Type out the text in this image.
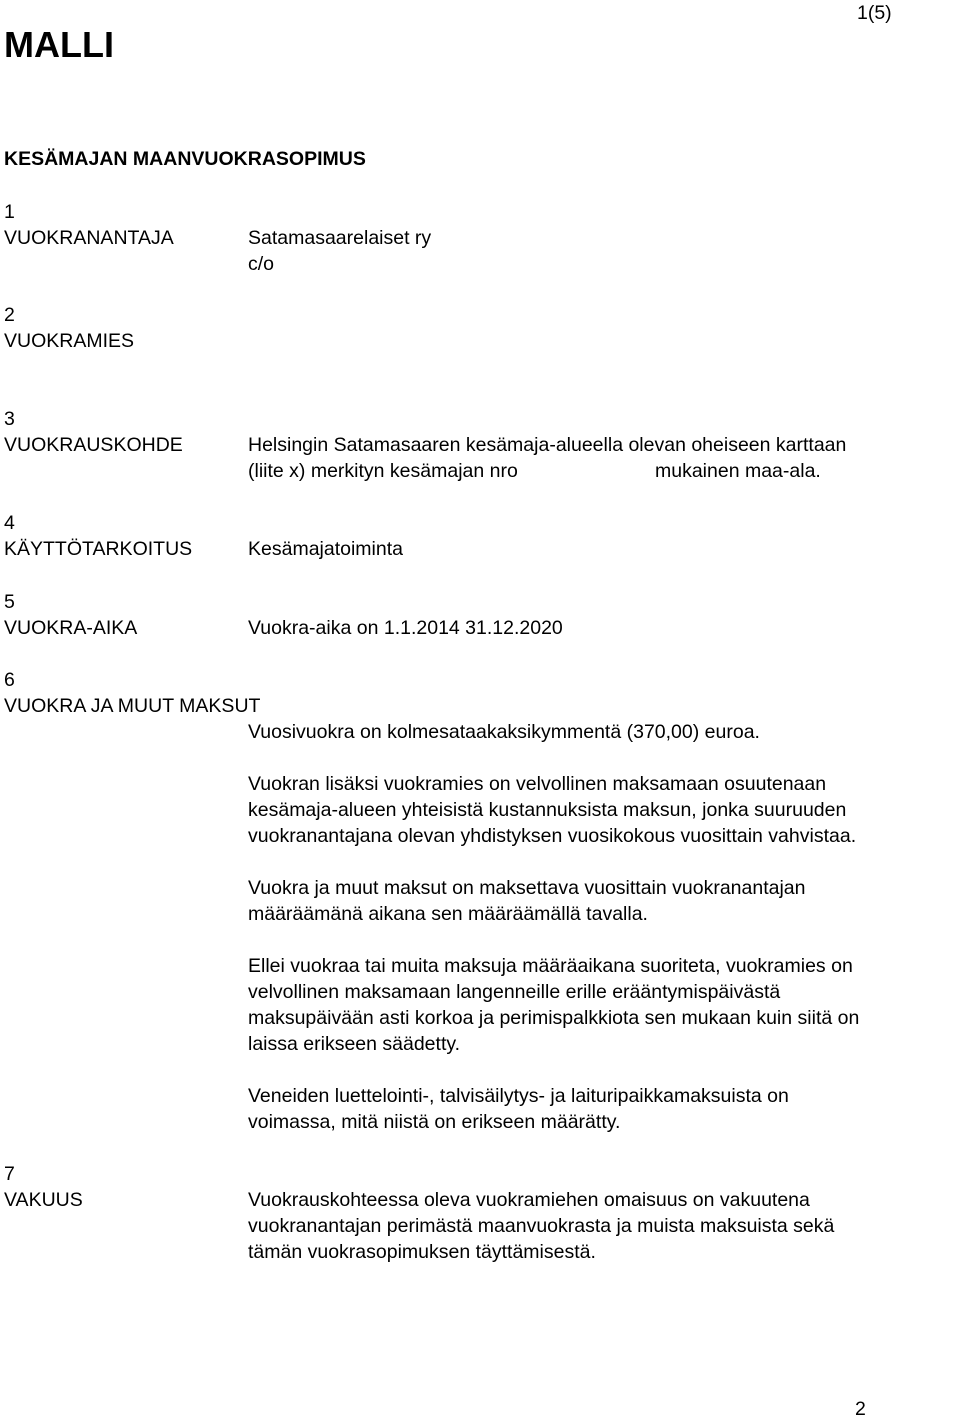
MALLI
1(5)
KESÄMAJAN MAANVUOKRASOPIMUS
1
VUOKRANANTAJA	Satamasaarelaiset ry
c/o
2
VUOKRAMIES
3
VUOKRAUSKOHDE	Helsingin Satamasaaren kesämaja-alueella olevan oheiseen karttaan
(liite x) merkityn kesämajan nro	mukainen maa-ala.
4
KÄYTTÖTARKOITUS	Kesämajatoiminta
5
VUOKRA-AIKA	Vuokra-aika on 1.1.2014 31.12.2020
6
VUOKRA JA MUUT MAKSUT
Vuosivuokra on kolmesataakaksikymmentä (370,00) euroa.
Vuokran lisäksi vuokramies on velvollinen maksamaan osuutenaan
kesämaja-alueen yhteisistä kustannuksista maksun, jonka suuruuden
vuokranantajana olevan yhdistyksen vuosikokous vuosittain vahvistaa.
Vuokra ja muut maksut on maksettava vuosittain vuokranantajan
määräämänä aikana sen määräämällä tavalla.
Ellei vuokraa tai muita maksuja määräaikana suoriteta, vuokramies on
velvollinen maksamaan langenneille erille erääntymispäivästä
maksupäivään asti korkoa ja perimispalkkiota sen mukaan kuin siitä on
laissa erikseen säädetty.
Veneiden luettelointi-, talvisäilytys- ja laituripaikkamaksuista on
voimassa, mitä niistä on erikseen määrätty.
7
VAKUUS	Vuokrauskohteessa oleva vuokramiehen omaisuus on vakuutena
vuokranantajan perimästä maanvuokrasta ja muista maksuista sekä
tämän vuokrasopimuksen täyttämisestä.
2
